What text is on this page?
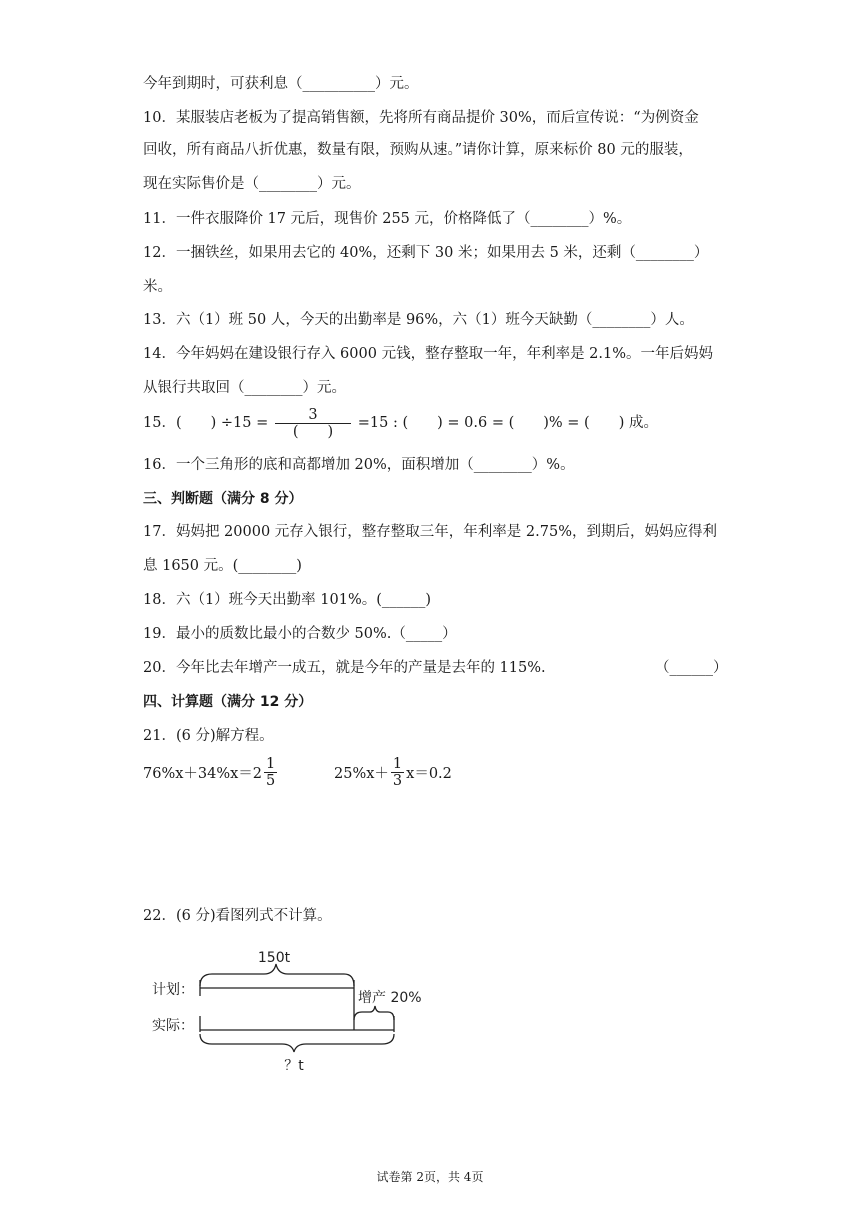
今年到期时，可获利息（__________）元。
10．某服装店老板为了提高销售额，先将所有商品提价 30%，而后宣传说：“为例资金
回收，所有商品八折优惠，数量有限，预购从速。”请你计算，原来标价 80 元的服装，
现在实际售价是（________）元。
11．一件衣服降价 17 元后，现售价 255 元，价格降低了（________）%。
12．一捆铁丝，如果用去它的 40%，还剩下 30 米；如果用去 5 米，还剩（________）
米。
13．六（1）班 50 人，今天的出勤率是 96%，六（1）班今天缺勤（________）人。
14．今年妈妈在建设银行存入 6000 元钱，整存整取一年，年利率是 2.1%。一年后妈妈
从银行共取回（________）元。
15．(　　) $\div 15 = \frac{3}{( )} =15$ : (　　) = 0.6 = (　　)% = (　　) 成。
16．一个三角形的底和高都增加 20%，面积增加（________）%。
三、判断题（满分 8 分）
17．妈妈把 20000 元存入银行，整存整取三年，年利率是 2.75%，到期后，妈妈应得利
息 1650 元。(________)
18．六（1）班今天出勤率 101%。(______)
19．最小的质数比最小的合数少 50%.（_____）
20．今年比去年增产一成五，就是今年的产量是去年的 115%.	（______）
四、计算题（满分 12 分）
21．(6 分)解方程。
$76\%x+34\%x=2 \frac{1}{5}$	$25\%x+ \frac{1}{3} x=0.2$
22．(6 分)看图列式不计算。
150t
计划：	增产 20%
实际：
？t
试卷第 2页，共 4页
